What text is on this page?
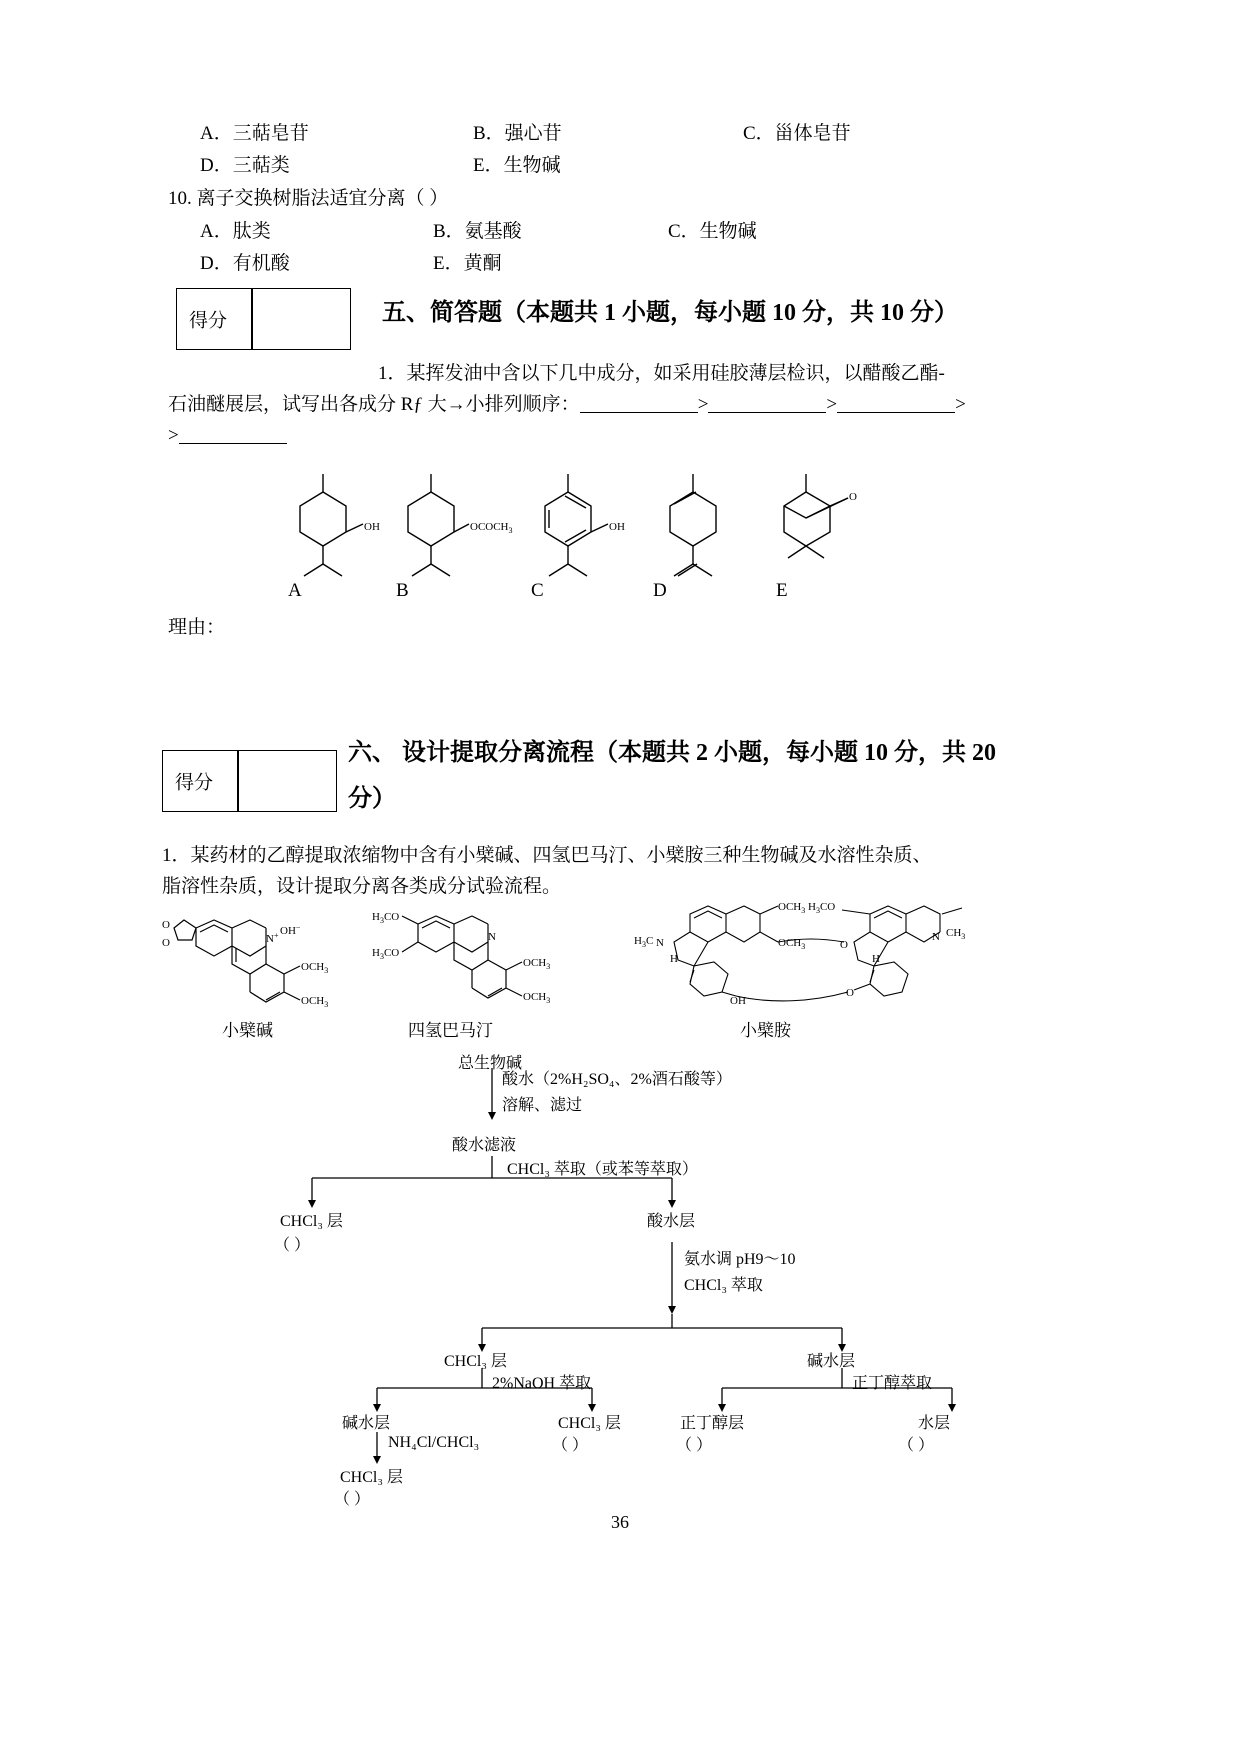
A．三萜皂苷	B．强心苷	C．甾体皂苷
D．三萜类	E．生物碱
10. 离子交换树脂法适宜分离（ ）
A．肽类	B．氨基酸	C．生物碱
D．有机酸	E．黄酮
得分	五、简答题（本题共 1 小题，每小题 10 分，共 10 分）
1．某挥发油中含以下几中成分，如采用硅胶薄层检识，以醋酸乙酯-
石油醚展层，试写出各成分 Rƒ 大→小排列顺序：	>	>	>
>
OH	$OCOCH_3$	OH
O
A	B	C	D	E
理由：
得分
六、 设计提取分离流程（本题共 2 小题，每小题 10 分，共 20 分）
1．某药材的乙醇提取浓缩物中含有小檗碱、四氢巴马汀、小檗胺三种生物碱及水溶性杂质、
脂溶性杂质，设计提取分离各类成分试验流程。
N+ OH−
$OCH_3$
$OCH_3$
O
O	N
$H_3CO$
$H_3CO$
$OCH_3$
$OCH_3$
$OCH_3$
$OCH_3$
$H_3CO$
O
O
N
$H_3C$
H
N $CH_3$
H
OH
小檗碱	四氢巴马汀	小檗胺
总生物碱
酸水（2%H₂SO₄、2%酒石酸等）
溶解、滤过
酸水滤液
CHCl₃ 萃取（或苯等萃取）
CHCl₃ 层
（ ）
酸水层
氨水调 pH9～10
CHCl₃ 萃取
CHCl₃ 层	碱水层
2%NaOH 萃取	正丁醇萃取
碱水层	CHCl₃ 层
（ ）
正丁醇层
（ ）
水层
（ ）
NH₄Cl/CHCl₃
CHCl₃ 层
（ ）
36
